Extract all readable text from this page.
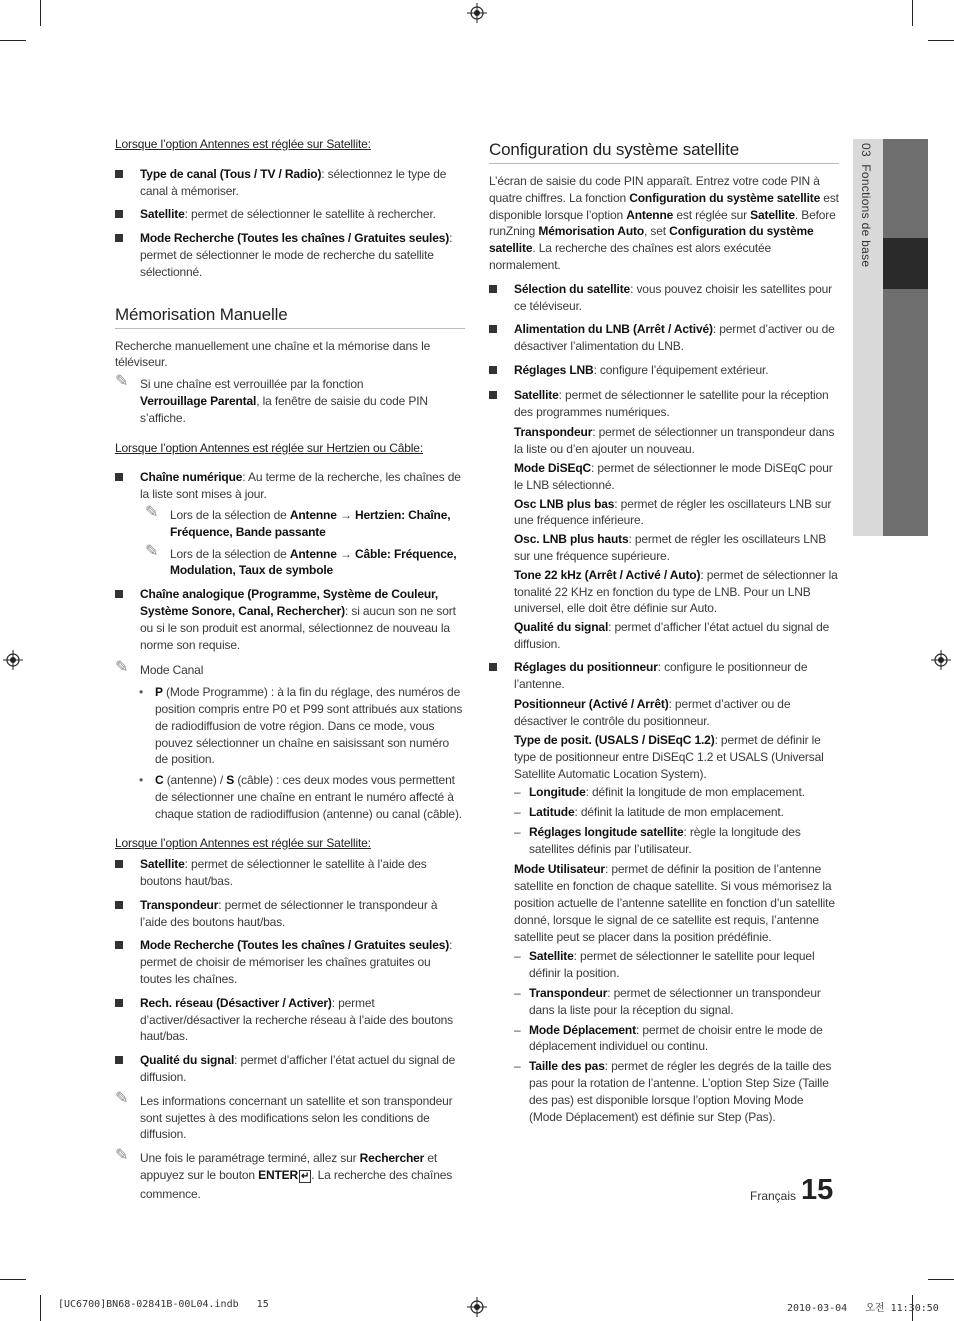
03  Fonctions de base
Lorsque l’option Antennes est réglée sur Satellite:
Type de canal (Tous / TV / Radio): sélectionnez le type de canal à mémoriser.
Satellite: permet de sélectionner le satellite à rechercher.
Mode Recherche (Toutes les chaînes / Gratuites seules): permet de sélectionner le mode de recherche du satellite sélectionné.
Mémorisation Manuelle

Recherche manuellement une chaîne et la mémorise dans le téléviseur.

✎ Si une chaîne est verrouillée par la fonction
Verrouillage Parental, la fenêtre de saisie du code PIN s’affiche.
Lorsque l’option Antennes est réglée sur Hertzien ou Câble:
Chaîne numérique: Au terme de la recherche, les chaînes de la liste sont mises à jour.
✎ Lors de la sélection de Antenne → Hertzien: Chaîne, Fréquence, Bande passante
✎ Lors de la sélection de Antenne → Câble: Fréquence, Modulation, Taux de symbole
Chaîne analogique (Programme, Système de Couleur, Système Sonore, Canal, Rechercher): si aucun son ne sort ou si le son produit est anormal, sélectionnez de nouveau la norme son requise.
✎ Mode Canal
• P (Mode Programme) : à la fin du réglage, des numéros de position compris entre P0 et P99 sont attribués aux stations de radiodiffusion de votre région. Dans ce mode, vous pouvez sélectionner un chaîne en saisissant son numéro de position.
• C (antenne) / S (câble) : ces deux modes vous permettent de sélectionner une chaîne en entrant le numéro affecté à chaque station de radiodiffusion (antenne) ou canal (câble).
Lorsque l’option Antennes est réglée sur Satellite:
Satellite: permet de sélectionner le satellite à l’aide des boutons haut/bas.
Transpondeur: permet de sélectionner le transpondeur à l’aide des boutons haut/bas.
Mode Recherche (Toutes les chaînes / Gratuites seules): permet de choisir de mémoriser les chaînes gratuites ou toutes les chaînes.
Rech. réseau (Désactiver / Activer): permet d’activer/désactiver la recherche réseau à l’aide des boutons haut/bas.
Qualité du signal: permet d’afficher l’état actuel du signal de diffusion.
✎ Les informations concernant un satellite et son transpondeur sont sujettes à des modifications selon les conditions de diffusion.
✎ Une fois le paramétrage terminé, allez sur Rechercher et appuyez sur le bouton ENTER ↵ . La recherche des chaînes commence.
Configuration du système satellite

L’écran de saisie du code PIN apparaît. Entrez votre code PIN à quatre chiffres. La fonction Configuration du système satellite est disponible lorsque l’option Antenne est réglée sur Satellite. Before runZning Mémorisation Auto, set Configuration du système satellite. La recherche des chaînes est alors exécutée normalement.

Sélection du satellite: vous pouvez choisir les satellites pour ce téléviseur.
Alimentation du LNB (Arrêt / Activé): permet d’activer ou de désactiver l’alimentation du LNB.
Réglages LNB: configure l’équipement extérieur.
Satellite: permet de sélectionner le satellite pour la réception des programmes numériques.
Transpondeur: permet de sélectionner un transpondeur dans la liste ou d’en ajouter un nouveau.
Mode DiSEqC: permet de sélectionner le mode DiSEqC pour le LNB sélectionné.
Osc LNB plus bas: permet de régler les oscillateurs LNB sur une fréquence inférieure.
Osc. LNB plus hauts: permet de régler les oscillateurs LNB sur une fréquence supérieure.
Tone 22 kHz (Arrêt / Activé / Auto): permet de sélectionner la tonalité 22 KHz en fonction du type de LNB. Pour un LNB universel, elle doit être définie sur Auto.
Qualité du signal: permet d’afficher l’état actuel du signal de diffusion.
Réglages du positionneur: configure le positionneur de l’antenne.
Positionneur (Activé / Arrêt): permet d’activer ou de désactiver le contrôle du positionneur.
Type de posit. (USALS / DiSEqC 1.2): permet de définir le type de positionneur entre DiSEqC 1.2 et USALS (Universal Satellite Automatic Location System).
– Longitude: définit la longitude de mon emplacement.
– Latitude: définit la latitude de mon emplacement.
– Réglages longitude satellite: règle la longitude des satellites définis par l’utilisateur.
Mode Utilisateur: permet de définir la position de l’antenne satellite en fonction de chaque satellite. Si vous mémorisez la position actuelle de l’antenne satellite en fonction d’un satellite donné, lorsque le signal de ce satellite est requis, l’antenne satellite peut se placer dans la position prédéfinie.
– Satellite: permet de sélectionner le satellite pour lequel définir la position.
– Transpondeur: permet de sélectionner un transpondeur dans la liste pour la réception du signal.
– Mode Déplacement: permet de choisir entre le mode de déplacement individuel ou continu.
– Taille des pas: permet de régler les degrés de la taille des pas pour la rotation de l’antenne. L’option Step Size (Taille des pas) est disponible lorsque l’option Moving Mode (Mode Déplacement) est définie sur Step (Pas).
Français 15
[UC6700]BN68-02841B-00L04.indb   15	2010-03-04   오전 11:30:50
